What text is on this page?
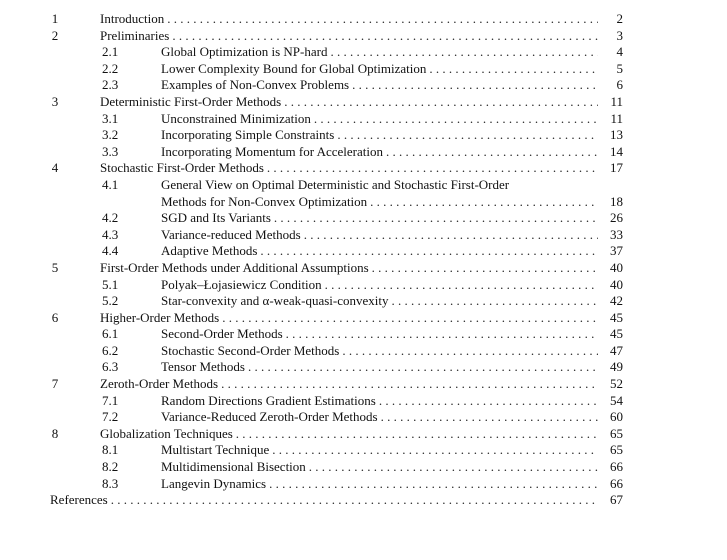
1	Introduction . . .	2
2	Preliminaries . . .	3
2.1	Global Optimization is NP-hard . . .	4
2.2	Lower Complexity Bound for Global Optimization . . .	5
2.3	Examples of Non-Convex Problems . . .	6
3	Deterministic First-Order Methods . . .	11
3.1	Unconstrained Minimization . . .	11
3.2	Incorporating Simple Constraints . . .	13
3.3	Incorporating Momentum for Acceleration . . .	14
4	Stochastic First-Order Methods . . .	17
4.1	General View on Optimal Deterministic and Stochastic First-Order
Methods for Non-Convex Optimization . . .	18
4.2	SGD and Its Variants . . .	26
4.3	Variance-reduced Methods . . .	33
4.4	Adaptive Methods . . .	37
5	First-Order Methods under Additional Assumptions . . .	40
5.1	Polyak–Łojasiewicz Condition . . .	40
5.2	Star-convexity and α-weak-quasi-convexity . . .	42
6	Higher-Order Methods . . .	45
6.1	Second-Order Methods . . .	45
6.2	Stochastic Second-Order Methods . . .	47
6.3	Tensor Methods . . .	49
7	Zeroth-Order Methods . . .	52
7.1	Random Directions Gradient Estimations . . .	54
7.2	Variance-Reduced Zeroth-Order Methods . . .	60
8	Globalization Techniques . . .	65
8.1	Multistart Technique . . .	65
8.2	Multidimensional Bisection . . .	66
8.3	Langevin Dynamics . . .	66
References . . .	67
